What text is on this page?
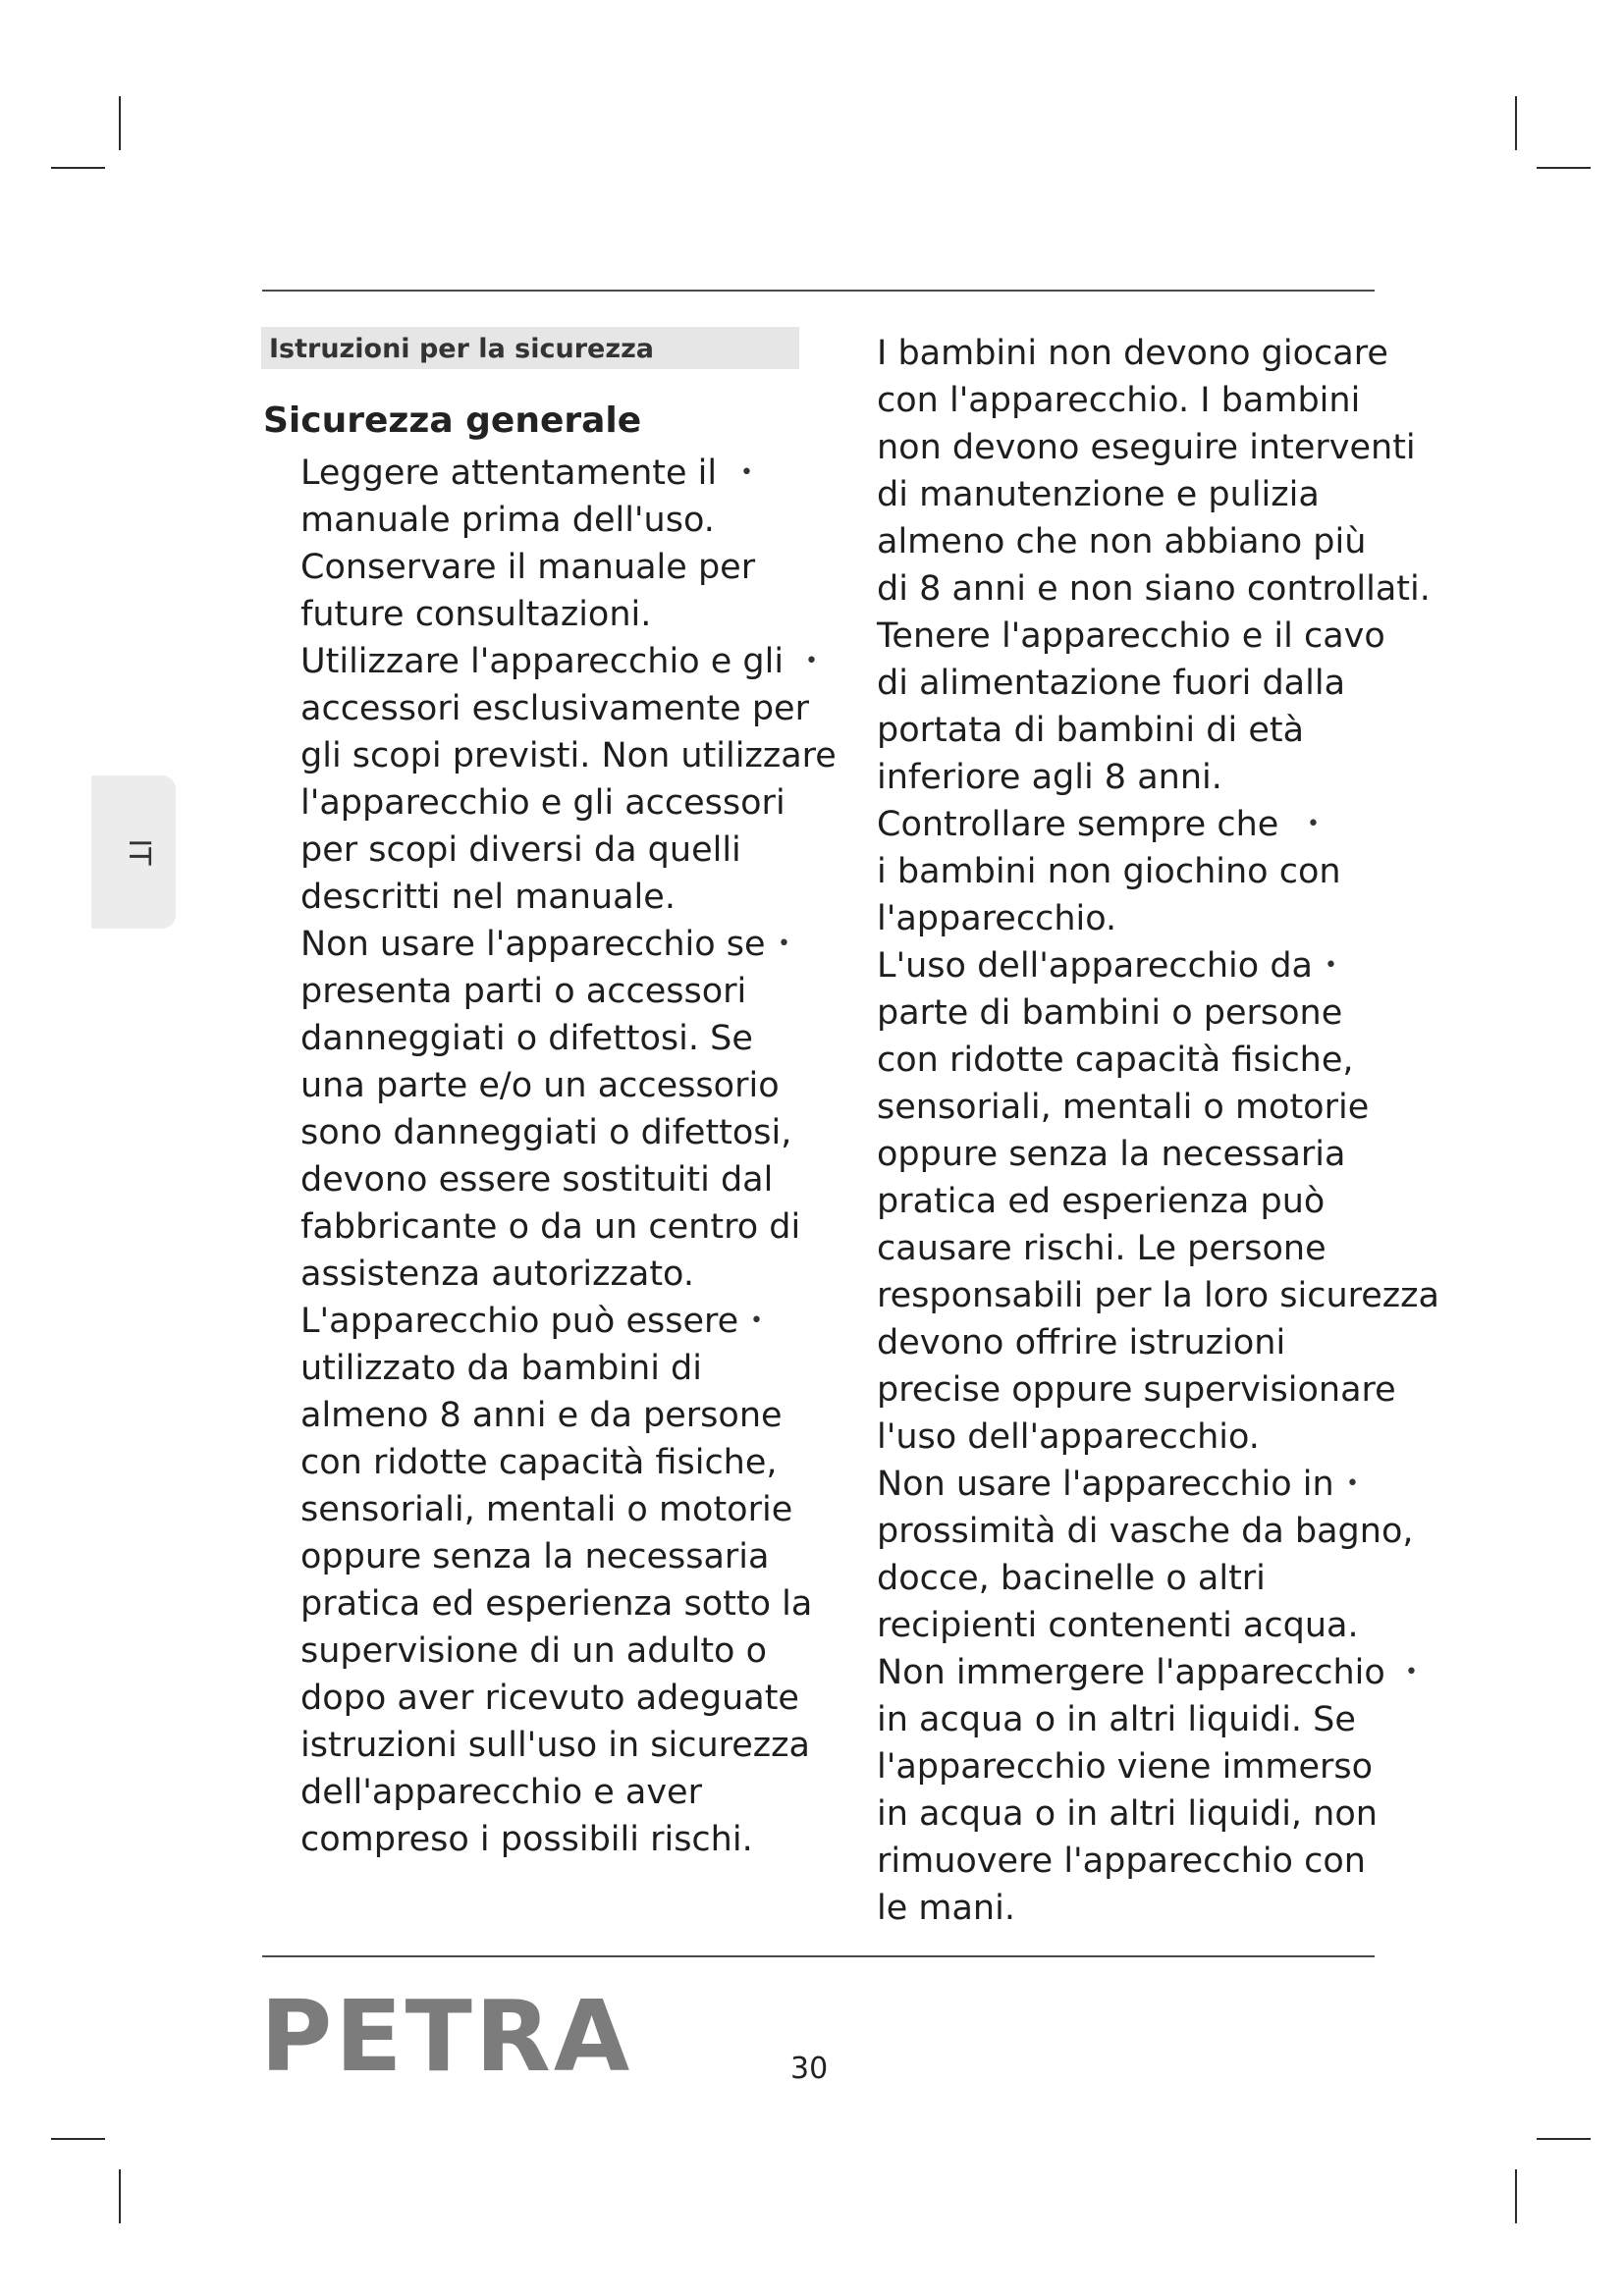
IT
Istruzioni per la sicurezza
Sicurezza generale
Leggere attentamente il •
manuale prima dell'uso.
Conservare il manuale per
future consultazioni.
Utilizzare l'apparecchio e gli •
accessori esclusivamente per
gli scopi previsti. Non utilizzare
l'apparecchio e gli accessori
per scopi diversi da quelli
descritti nel manuale.
Non usare l'apparecchio se •
presenta parti o accessori
danneggiati o difettosi. Se
una parte e/o un accessorio
sono danneggiati o difettosi,
devono essere sostituiti dal
fabbricante o da un centro di
assistenza autorizzato.
L'apparecchio può essere •
utilizzato da bambini di
almeno 8 anni e da persone
con ridotte capacità fisiche,
sensoriali, mentali o motorie
oppure senza la necessaria
pratica ed esperienza sotto la
supervisione di un adulto o
dopo aver ricevuto adeguate
istruzioni sull'uso in sicurezza
dell'apparecchio e aver
compreso i possibili rischi.
I bambini non devono giocare
con l'apparecchio. I bambini
non devono eseguire interventi
di manutenzione e pulizia
almeno che non abbiano più
di 8 anni e non siano controllati.
Tenere l'apparecchio e il cavo
di alimentazione fuori dalla
portata di bambini di età
inferiore agli 8 anni.
Controllare sempre che •
i bambini non giochino con
l'apparecchio.
L'uso dell'apparecchio da •
parte di bambini o persone
con ridotte capacità fisiche,
sensoriali, mentali o motorie
oppure senza la necessaria
pratica ed esperienza può
causare rischi. Le persone
responsabili per la loro sicurezza
devono offrire istruzioni
precise oppure supervisionare
l'uso dell'apparecchio.
Non usare l'apparecchio in •
prossimità di vasche da bagno,
docce, bacinelle o altri
recipienti contenenti acqua.
Non immergere l'apparecchio •
in acqua o in altri liquidi. Se
l'apparecchio viene immerso
in acqua o in altri liquidi, non
rimuovere l'apparecchio con
le mani.
PETRA	30
